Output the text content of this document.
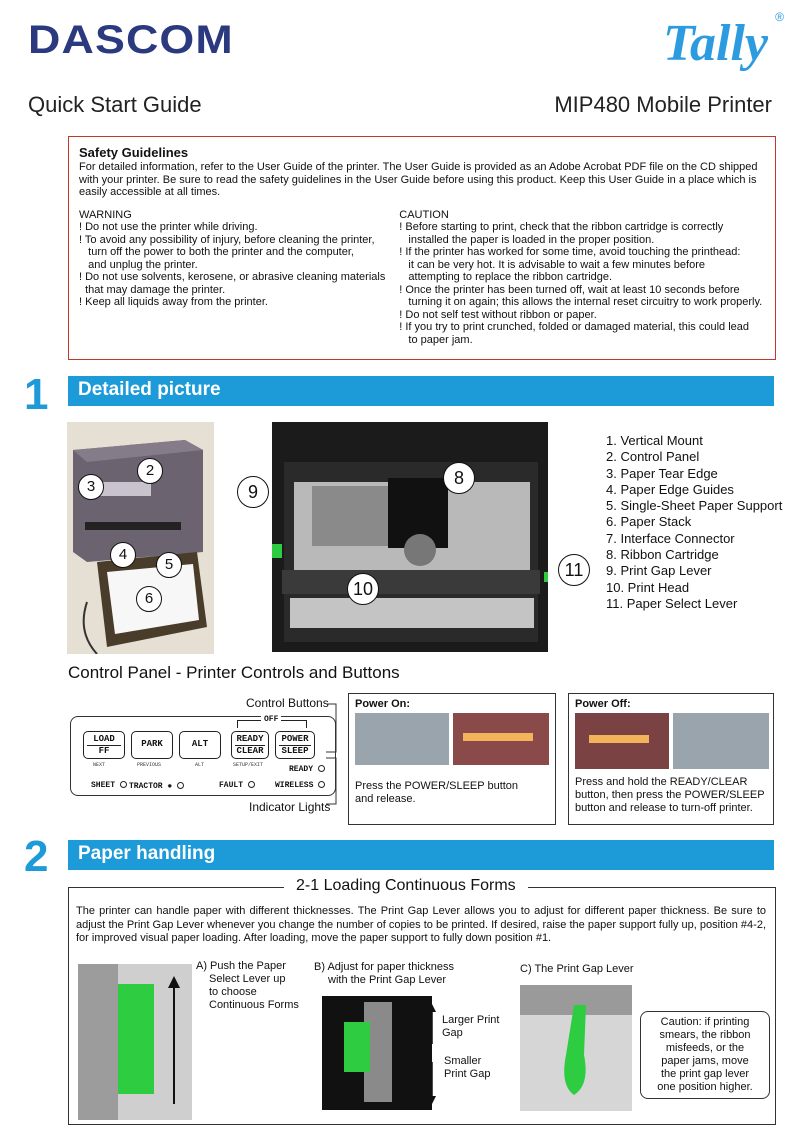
DASCOM	Tally ®
Quick Start Guide	MIP480 Mobile Printer
Safety Guidelines

For detailed information, refer to the User Guide of the printer. The User Guide is provided as an Adobe Acrobat PDF file on the CD shipped with your printer. Be sure to read the safety guidelines in the User Guide before using this product. Keep this User Guide in a place which is easily accessible at all times.

WARNING
! Do not use the printer while driving.
! To avoid any possibility of injury, before cleaning the printer,
turn off the power to both the printer and the computer,
and unplug the printer.
! Do not use solvents, kerosene, or abrasive cleaning materials
that may damage the printer.
! Keep all liquids away from the printer.
CAUTION
! Before starting to print, check that the ribbon cartridge is correctly
installed the paper is loaded in the proper position.
! If the printer has worked for some time, avoid touching the printhead:
it can be very hot. It is advisable to wait a few minutes before
attempting to replace the ribbon cartridge.
! Once the printer has been turned off, wait at least 10 seconds before
turning it on again; this allows the internal reset circuitry to work properly.
! Do not self test without ribbon or paper.
! If you try to print crunched, folded or damaged material, this could lead
to paper jam.
1	Detailed picture
2
3
4
5
6
8
9
10
11
1. Vertical Mount
2. Control Panel
3. Paper Tear Edge
4. Paper Edge Guides
5. Single-Sheet Paper Support
6. Paper Stack
7. Interface Connector
8. Ribbon Cartridge
9. Print Gap Lever
10. Print Head
11. Paper Select Lever
Control Panel - Printer Controls and Buttons
Control Buttons
Indicator Lights
OFF
LOAD
FF
PARK	ALT	READY
CLEAR
POWER
SLEEP
NEXT	PREVIOUS	ALT	SETUP/EXIT	READY
SHEET	TRACTOR ✹	FAULT	WIRELESS
Power On:
Press the POWER/SLEEP button
and release.
Power Off:
Press and hold the READY/CLEAR
button, then press the POWER/SLEEP
button and release to turn-off printer.
2	Paper handling
2-1 Loading Continuous Forms
The printer can handle paper with different thicknesses. The Print Gap Lever allows you to adjust for different paper thickness. Be sure to adjust the Print Gap Lever whenever you change the number of copies to be printed. If desired, raise the paper support fully up, position #4-2, for improved visual paper loading. After loading, move the paper support to fully down position #1.
A) Push the Paper
Select Lever up
to choose
Continuous Forms
B) Adjust for paper thickness
with the Print Gap Lever
Larger Print
Gap
Smaller
Print Gap
C) The Print Gap Lever
Caution: if printing
smears, the ribbon
misfeeds, or the
paper jams, move
the print gap lever
one position higher.
